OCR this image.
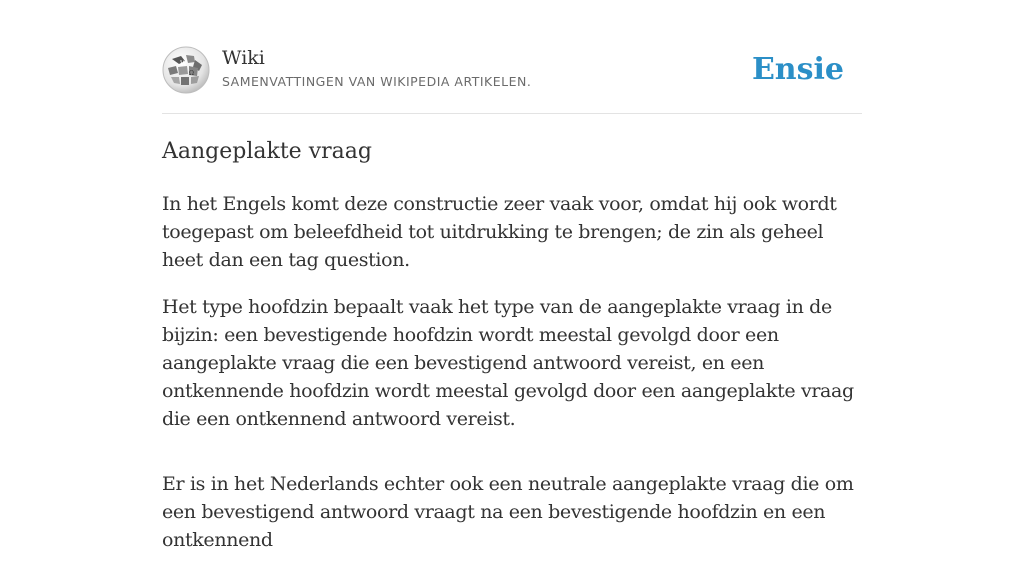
W
Ω
Wiki
SAMENVATTINGEN VAN WIKIPEDIA ARTIKELEN.	Ensie
Aangeplakte vraag

In het Engels komt deze constructie zeer vaak voor, omdat hij ook wordt toegepast om beleefdheid tot uitdrukking te brengen; de zin als geheel heet dan een tag question.

Het type hoofdzin bepaalt vaak het type van de aangeplakte vraag in de bijzin: een bevestigende hoofdzin wordt meestal gevolgd door een aangeplakte vraag die een bevestigend antwoord vereist, en een ontkennende hoofdzin wordt meestal gevolgd door een aangeplakte vraag die een ontkennend antwoord vereist.

Er is in het Nederlands echter ook een neutrale aangeplakte vraag die om een bevestigend antwoord vraagt na een bevestigende hoofdzin en een ontkennend
